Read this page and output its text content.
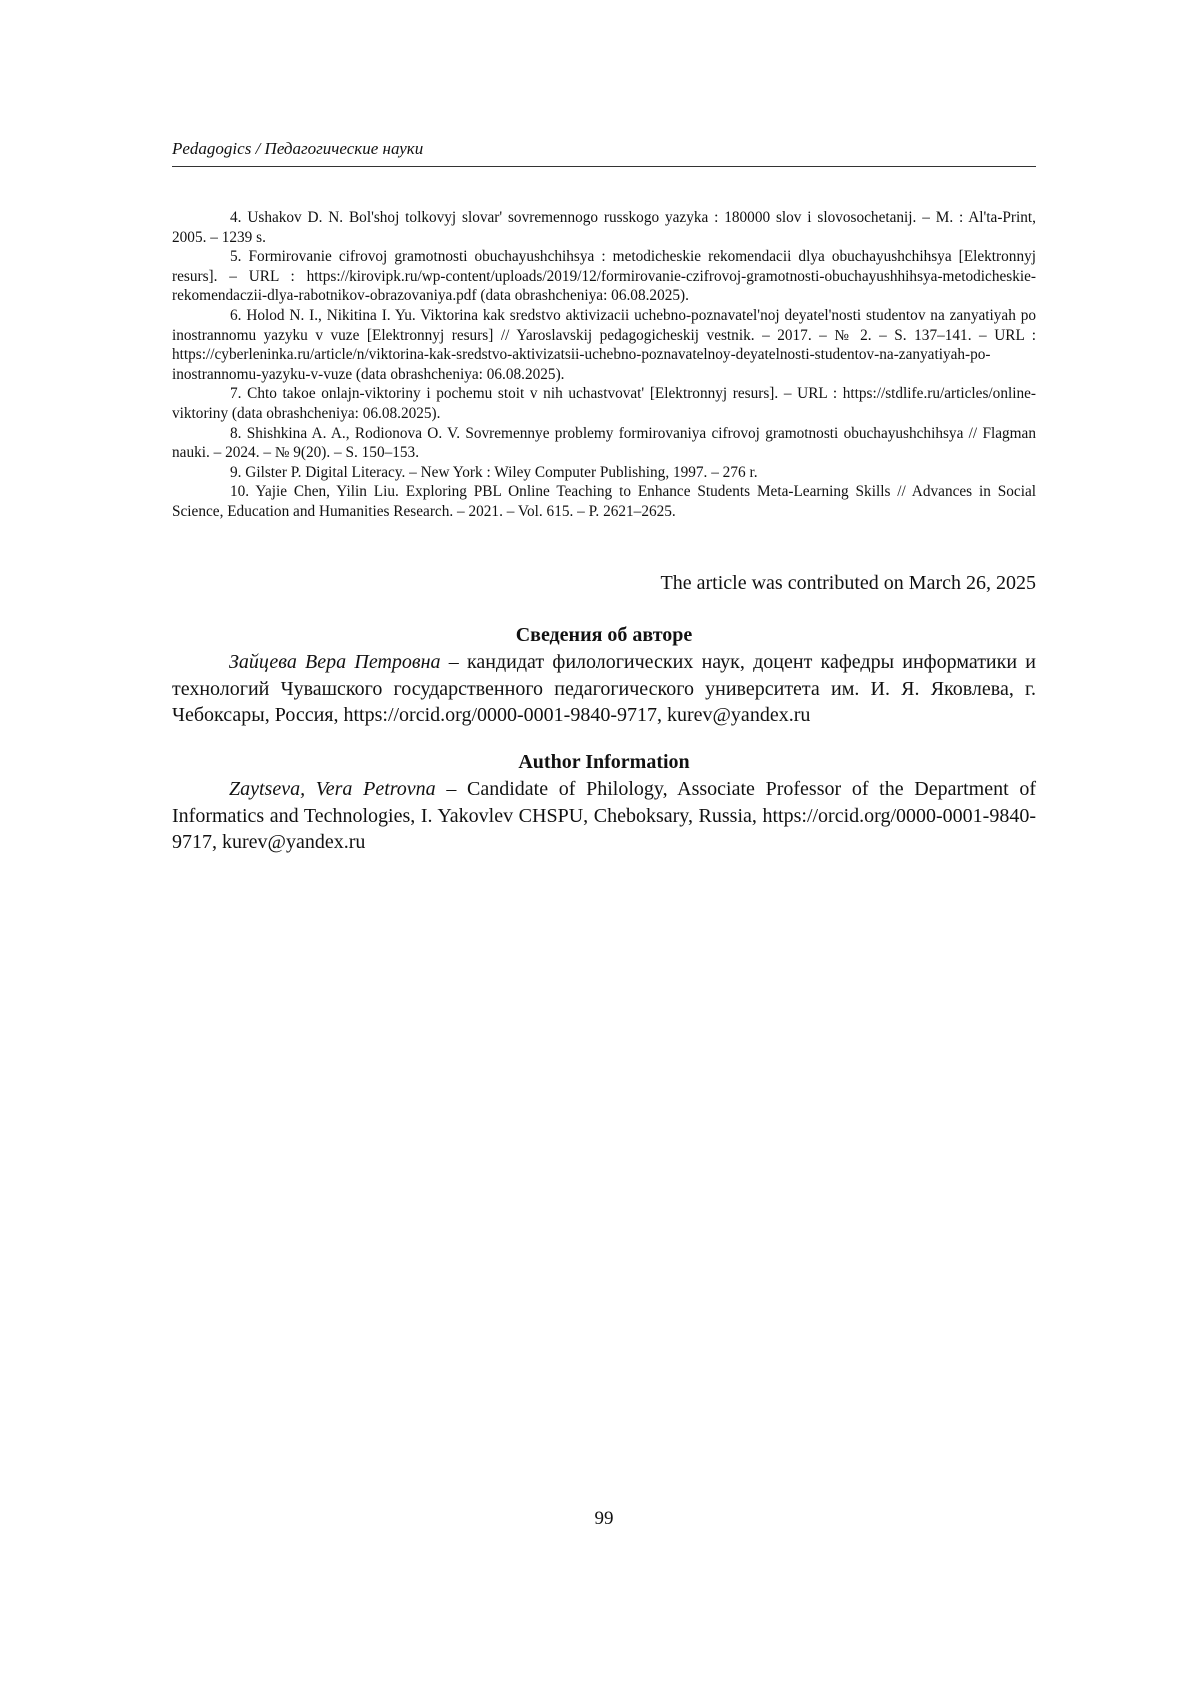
Pedagogics / Педагогические науки

4. Ushakov D. N. Bol'shoj tolkovyj slovar' sovremennogo russkogo yazyka : 180000 slov i slovosochetanij. – M. : Al'ta-Print, 2005. – 1239 s.

5. Formirovanie cifrovoj gramotnosti obuchayushchihsya : metodicheskie rekomendacii dlya obuchayushchihsya [Elektronnyj resurs]. – URL : https://kirovipk.ru/wp-content/uploads/2019/12/formirovanie-czifrovoj-gramotnosti-obuchayushhihsya-metodicheskie-rekomendaczii-dlya-rabotnikov-obrazovaniya.pdf (data obrashcheniya: 06.08.2025).

6. Holod N. I., Nikitina I. Yu. Viktorina kak sredstvo aktivizacii uchebno-poznavatel'noj deyatel'nosti studentov na zanyatiyah po inostrannomu yazyku v vuze [Elektronnyj resurs] // Yaroslavskij pedagogicheskij vestnik. – 2017. – № 2. – S. 137–141. – URL : https://cyberleninka.ru/article/n/viktorina-kak-sredstvo-aktivizatsii-uchebno-poznavatelnoy-deyatelnosti-studentov-na-zanyatiyah-po-inostrannomu-yazyku-v-vuze (data obrashcheniya: 06.08.2025).

7. Chto takoe onlajn-viktoriny i pochemu stoit v nih uchastvovat' [Elektronnyj resurs]. – URL : https://stdlife.ru/articles/online-viktoriny (data obrashcheniya: 06.08.2025).

8. Shishkina A. A., Rodionova O. V. Sovremennye problemy formirovaniya cifrovoj gramotnosti obuchayushchihsya // Flagman nauki. – 2024. – № 9(20). – S. 150–153.

9. Gilster P. Digital Literacy. – New York : Wiley Computer Publishing, 1997. – 276 r.

10. Yajie Chen, Yilin Liu. Exploring PBL Online Teaching to Enhance Students Meta-Learning Skills // Advances in Social Science, Education and Humanities Research. – 2021. – Vol. 615. – P. 2621–2625.

The article was contributed on March 26, 2025

Сведения об авторе

Зайцева Вера Петровна – кандидат филологических наук, доцент кафедры информатики и технологий Чувашского государственного педагогического университета им. И. Я. Яковлева, г. Чебоксары, Россия, https://orcid.org/0000-0001-9840-9717, kurev@yandex.ru

Author Information

Zaytseva, Vera Petrovna – Candidate of Philology, Associate Professor of the Department of Informatics and Technologies, I. Yakovlev CHSPU, Cheboksary, Russia, https://orcid.org/0000-0001-9840-9717, kurev@yandex.ru

99
